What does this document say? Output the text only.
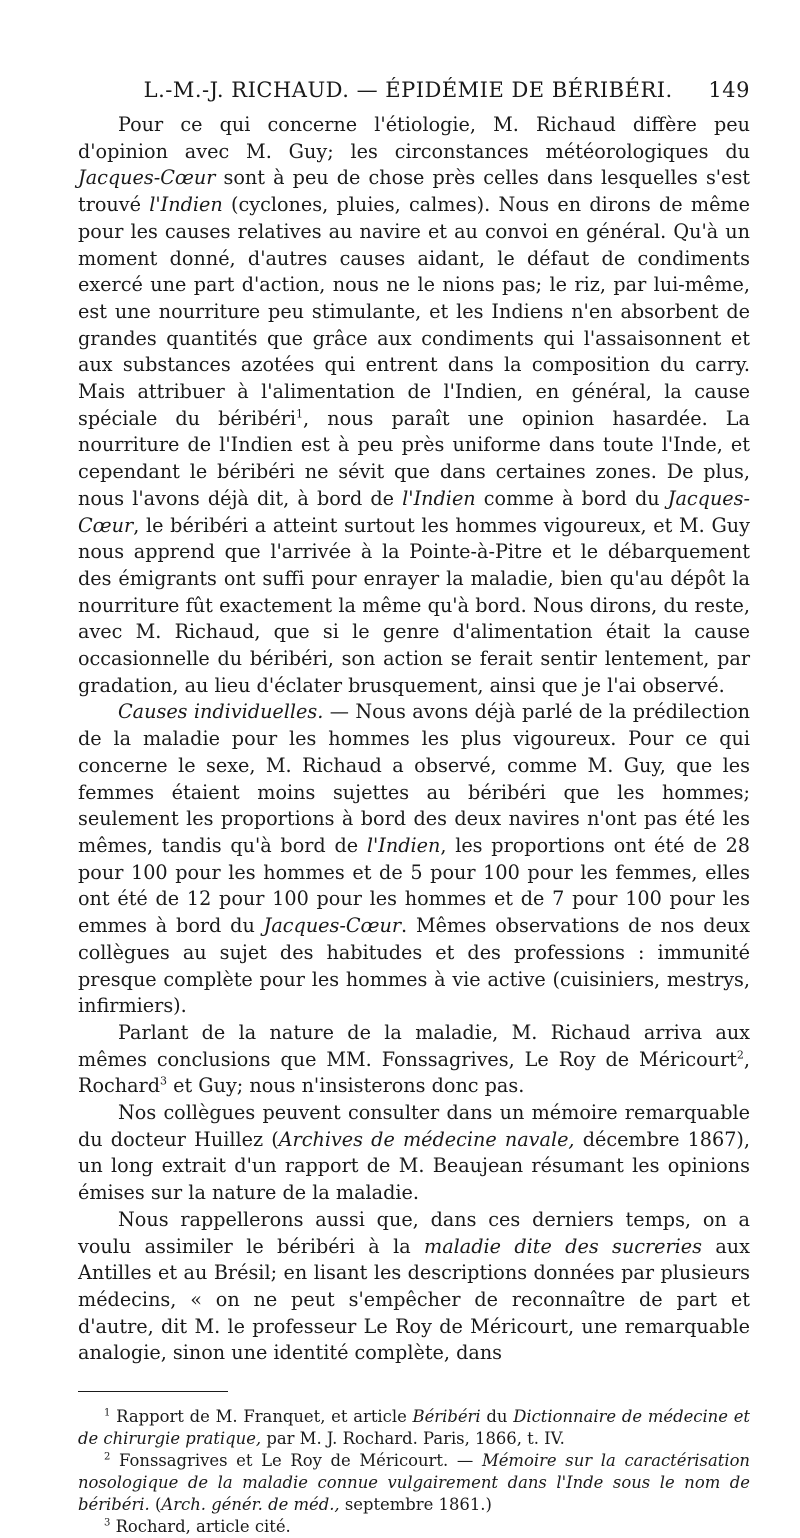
L.-M.-J. RICHAUD. — ÉPIDÉMIE DE BÉRIBÉRI.	149

Pour ce qui concerne l'étiologie, M. Richaud diffère peu d'opinion avec M. Guy; les circonstances météorologiques du Jacques-Cœur sont à peu de chose près celles dans lesquelles s'est trouvé l'Indien (cyclones, pluies, calmes). Nous en dirons de même pour les causes relatives au navire et au convoi en général. Qu'à un moment donné, d'autres causes aidant, le défaut de condiments exercé une part d'action, nous ne le nions pas; le riz, par lui-même, est une nourriture peu stimulante, et les Indiens n'en absorbent de grandes quantités que grâce aux condiments qui l'assaisonnent et aux substances azotées qui entrent dans la composition du carry. Mais attribuer à l'alimentation de l'Indien, en général, la cause spéciale du béribéri$^1$, nous paraît une opinion hasardée. La nourriture de l'Indien est à peu près uniforme dans toute l'Inde, et cependant le béribéri ne sévit que dans certaines zones. De plus, nous l'avons déjà dit, à bord de l'Indien comme à bord du Jacques-Cœur, le béribéri a atteint surtout les hommes vigoureux, et M. Guy nous apprend que l'arrivée à la Pointe-à-Pitre et le débarquement des émigrants ont suffi pour enrayer la maladie, bien qu'au dépôt la nourriture fût exactement la même qu'à bord. Nous dirons, du reste, avec M. Richaud, que si le genre d'alimentation était la cause occasionnelle du béribéri, son action se ferait sentir lentement, par gradation, au lieu d'éclater brusquement, ainsi que je l'ai observé.

Causes individuelles. — Nous avons déjà parlé de la prédilection de la maladie pour les hommes les plus vigoureux. Pour ce qui concerne le sexe, M. Richaud a observé, comme M. Guy, que les femmes étaient moins sujettes au béribéri que les hommes; seulement les proportions à bord des deux navires n'ont pas été les mêmes, tandis qu'à bord de l'Indien, les proportions ont été de 28 pour 100 pour les hommes et de 5 pour 100 pour les femmes, elles ont été de 12 pour 100 pour les hommes et de 7 pour 100 pour les emmes à bord du Jacques-Cœur. Mêmes observations de nos deux collègues au sujet des habitudes et des professions : immunité presque complète pour les hommes à vie active (cuisiniers, mestrys, infirmiers).

Parlant de la nature de la maladie, M. Richaud arriva aux mêmes conclusions que MM. Fonssagrives, Le Roy de Méricourt$^2$, Rochard$^3$ et Guy; nous n'insisterons donc pas.

Nos collègues peuvent consulter dans un mémoire remarquable du docteur Huillez (Archives de médecine navale, décembre 1867), un long extrait d'un rapport de M. Beaujean résumant les opinions émises sur la nature de la maladie.

Nous rappellerons aussi que, dans ces derniers temps, on a voulu assimiler le béribéri à la maladie dite des sucreries aux Antilles et au Brésil; en lisant les descriptions données par plusieurs médecins, « on ne peut s'empêcher de reconnaître de part et d'autre, dit M. le professeur Le Roy de Méricourt, une remarquable analogie, sinon une identité complète, dans

$^1$ Rapport de M. Franquet, et article Béribéri du Dictionnaire de médecine et de chirurgie pratique, par M. J. Rochard. Paris, 1866, t. IV.

$^2$ Fonssagrives et Le Roy de Méricourt. — Mémoire sur la caractérisation nosologique de la maladie connue vulgairement dans l'Inde sous le nom de béribéri. (Arch. génér. de méd., septembre 1861.)

$^3$ Rochard, article cité.
